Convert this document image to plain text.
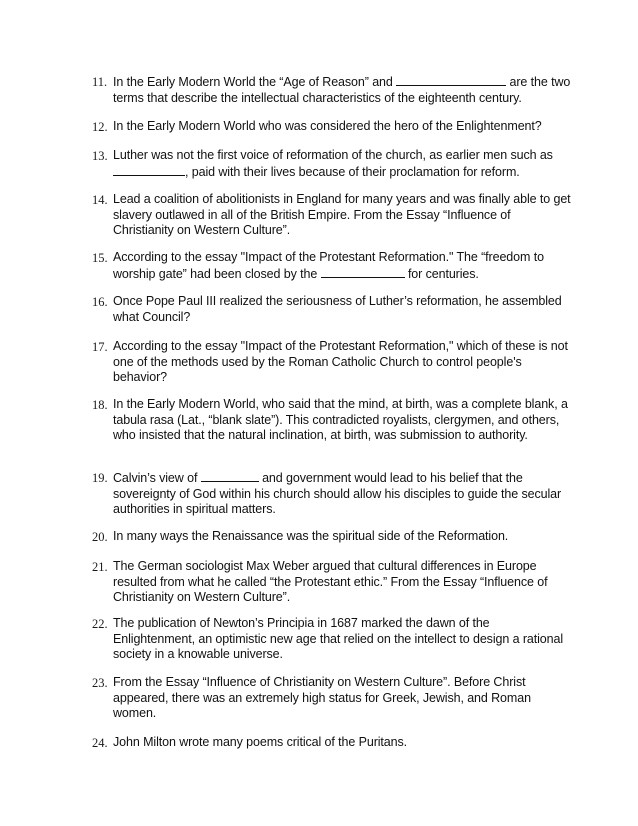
11. In the Early Modern World the “Age of Reason” and	are the two terms that describe the intellectual characteristics of the eighteenth century.
12. In the Early Modern World who was considered the hero of the Enlightenment?
13. Luther was not the first voice of reformation of the church, as earlier men such as , paid with their lives because of their proclamation for reform.
14. Lead a coalition of abolitionists in England for many years and was finally able to get slavery outlawed in all of the British Empire. From the Essay “Influence of Christianity on Western Culture”.
15. According to the essay "Impact of the Protestant Reformation." The “freedom to worship gate” had been closed by the	for centuries.
16. Once Pope Paul III realized the seriousness of Luther’s reformation, he assembled what Council?
17. According to the essay "Impact of the Protestant Reformation," which of these is not one of the methods used by the Roman Catholic Church to control people's behavior?
18. In the Early Modern World, who said that the mind, at birth, was a complete blank, a tabula rasa (Lat., “blank slate”). This contradicted royalists, clergymen, and others, who insisted that the natural inclination, at birth, was submission to authority.
19. Calvin’s view of	and government would lead to his belief that the sovereignty of God within his church should allow his disciples to guide the secular authorities in spiritual matters.
20. In many ways the Renaissance was the spiritual side of the Reformation.
21. The German sociologist Max Weber argued that cultural differences in Europe resulted from what he called “the Protestant ethic.” From the Essay “Influence of Christianity on Western Culture”.
22. The publication of Newton’s Principia in 1687 marked the dawn of the Enlightenment, an optimistic new age that relied on the intellect to design a rational society in a knowable universe.
23. From the Essay “Influence of Christianity on Western Culture”. Before Christ appeared, there was an extremely high status for Greek, Jewish, and Roman women.
24. John Milton wrote many poems critical of the Puritans.
